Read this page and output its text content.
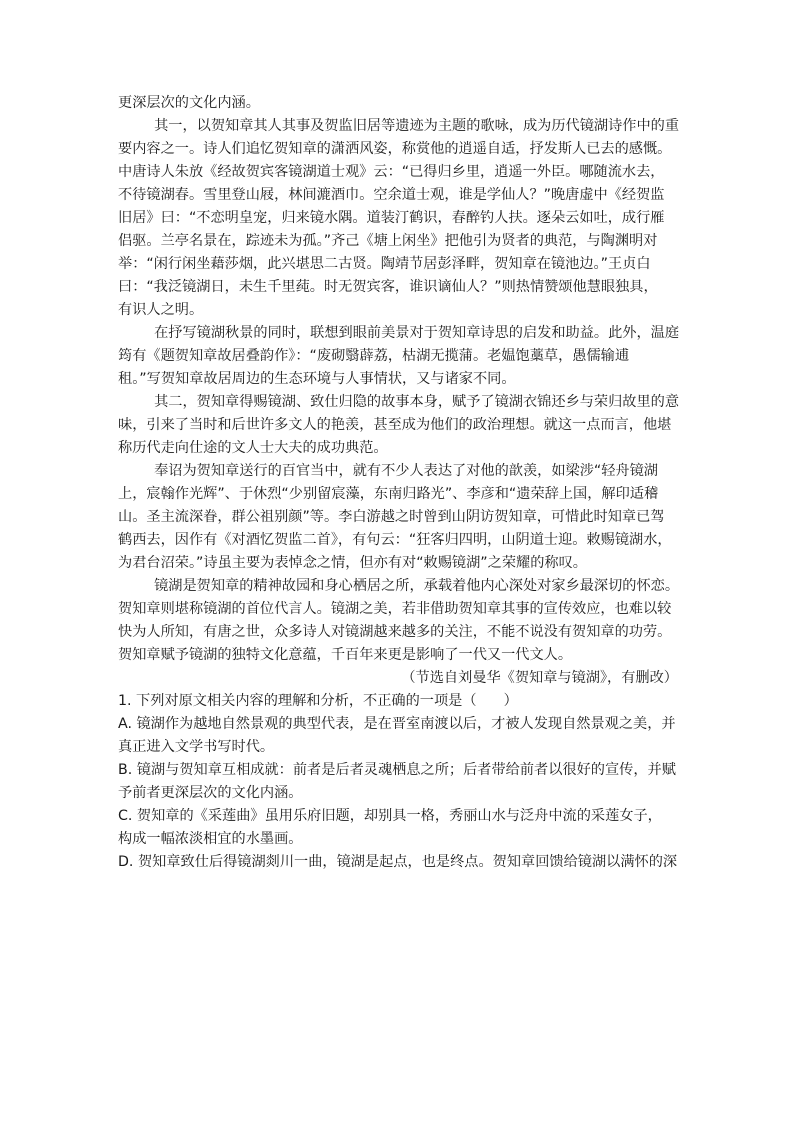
更深层次的文化内涵。
其一，以贺知章其人其事及贺监旧居等遗迹为主题的歌咏，成为历代镜湖诗作中的重
要内容之一。诗人们追忆贺知章的潇洒风姿，称赏他的逍遥自适，抒发斯人已去的感慨。
中唐诗人朱放《经故贺宾客镜湖道士观》云：“已得归乡里，逍遥一外臣。哪随流水去，
不待镜湖春。雪里登山屐，林间漉酒巾。空余道士观，谁是学仙人？”晚唐虚中《经贺监
旧居》曰：“不恋明皇宠，归来镜水隅。道装汀鹤识，春醉钓人扶。逐朵云如吐，成行雁
侣驱。兰亭名景在，踪迹未为孤。”齐己《塘上闲坐》把他引为贤者的典范，与陶渊明对
举：“闲行闲坐藉莎烟，此兴堪思二古贤。陶靖节居彭泽畔，贺知章在镜池边。”王贞白
曰：“我泛镜湖日，未生千里莼。时无贺宾客，谁识谪仙人？”则热情赞颂他慧眼独具，
有识人之明。
在抒写镜湖秋景的同时，联想到眼前美景对于贺知章诗思的启发和助益。此外，温庭
筠有《题贺知章故居叠韵作》：“废砌翳薜荔，枯湖无揽蒲。老媪饱藁草，愚儒输逋
租。”写贺知章故居周边的生态环境与人事情状，又与诸家不同。
其二，贺知章得赐镜湖、致仕归隐的故事本身，赋予了镜湖衣锦还乡与荣归故里的意
味，引来了当时和后世许多文人的艳羡，甚至成为他们的政治理想。就这一点而言，他堪
称历代走向仕途的文人士大夫的成功典范。
奉诏为贺知章送行的百官当中，就有不少人表达了对他的歆羡，如梁涉“轻舟镜湖
上，宸翰作光辉”、于休烈“少别留宸藻，东南归路光”、李彦和“遗荣辞上国，解印适稽
山。圣主流深眷，群公祖别颜”等。李白游越之时曾到山阴访贺知章，可惜此时知章已驾
鹤西去，因作有《对酒忆贺监二首》，有句云：“狂客归四明，山阴道士迎。敕赐镜湖水，
为君台沼荣。”诗虽主要为表悼念之情，但亦有对“敕赐镜湖”之荣耀的称叹。
镜湖是贺知章的精神故园和身心栖居之所，承载着他内心深处对家乡最深切的怀恋。
贺知章则堪称镜湖的首位代言人。镜湖之美，若非借助贺知章其事的宣传效应，也难以较
快为人所知，有唐之世，众多诗人对镜湖越来越多的关注，不能不说没有贺知章的功劳。
贺知章赋予镜湖的独特文化意蕴，千百年来更是影响了一代又一代文人。
（节选自刘曼华《贺知章与镜湖》，有删改）
1. 下列对原文相关内容的理解和分析，不正确的一项是（      ）
A. 镜湖作为越地自然景观的典型代表，是在晋室南渡以后，才被人发现自然景观之美，并
真正进入文学书写时代。
B. 镜湖与贺知章互相成就：前者是后者灵魂栖息之所；后者带给前者以很好的宣传，并赋
予前者更深层次的文化内涵。
C. 贺知章的《采莲曲》虽用乐府旧题，却别具一格，秀丽山水与泛舟中流的采莲女子，
构成一幅浓淡相宜的水墨画。
D. 贺知章致仕后得镜湖剡川一曲，镜湖是起点，也是终点。贺知章回馈给镜湖以满怀的深
